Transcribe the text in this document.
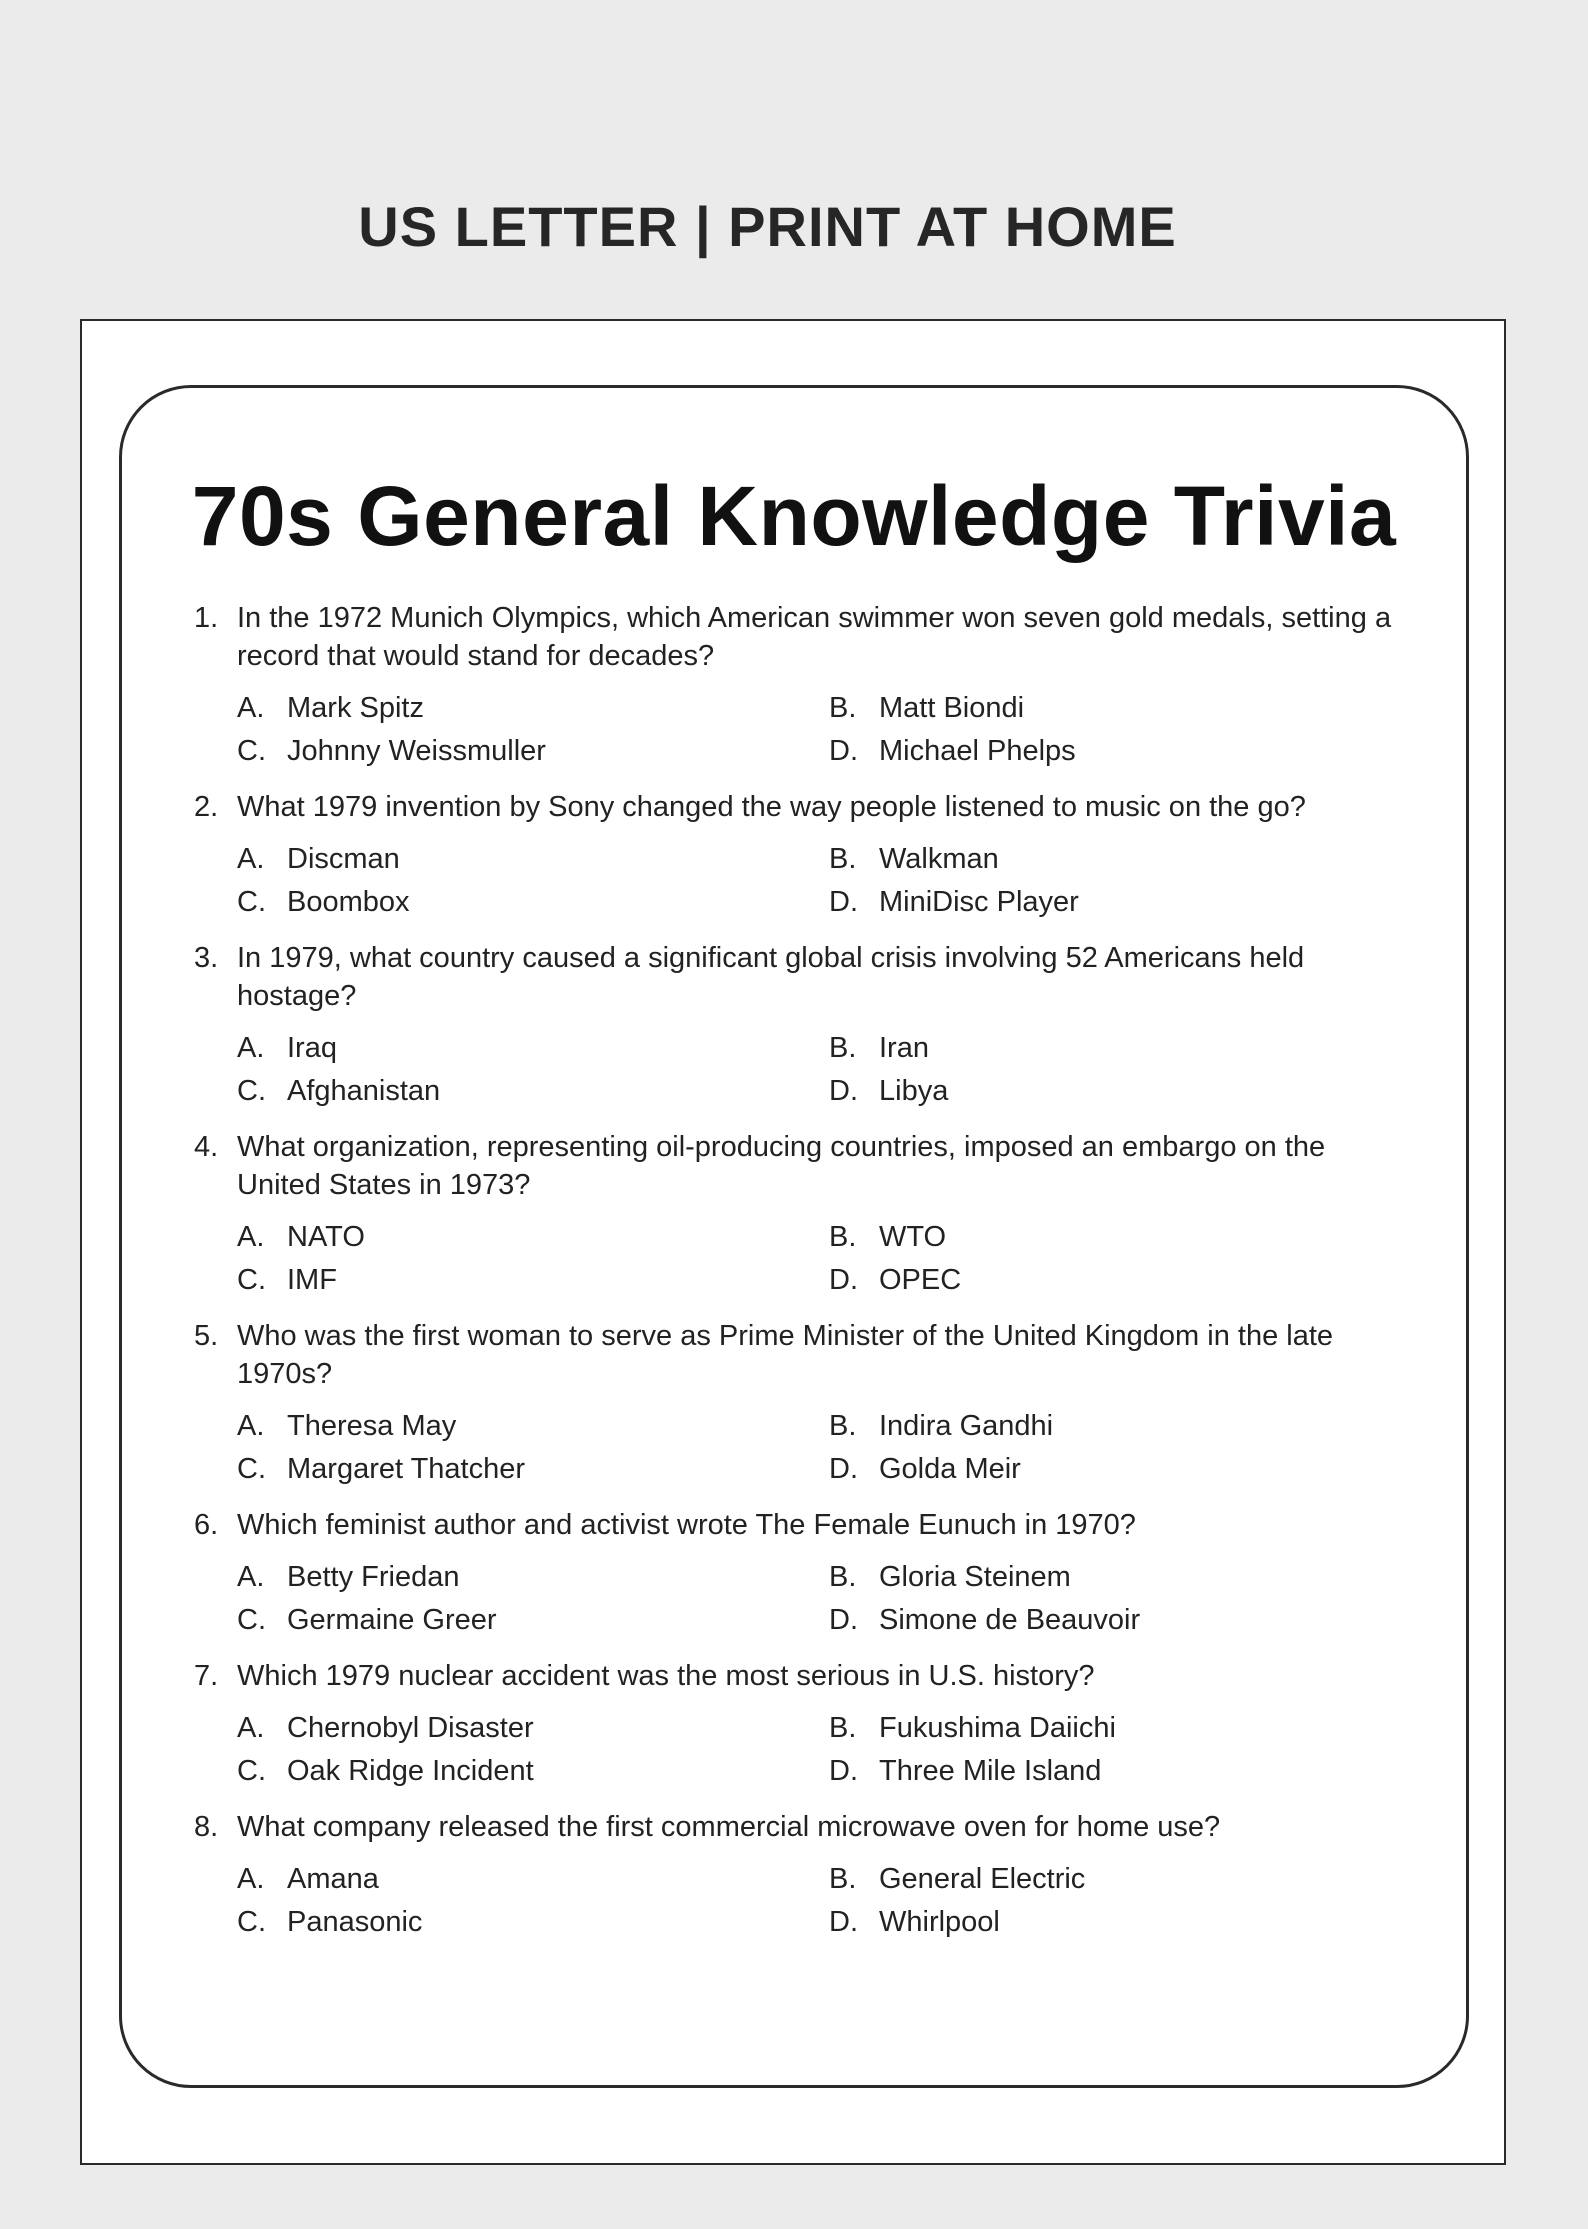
US LETTER | PRINT AT HOME
70s General Knowledge Trivia
1. In the 1972 Munich Olympics, which American swimmer won seven gold medals, setting a record that would stand for decades?
A. Mark Spitz	B. Matt Biondi
C. Johnny Weissmuller	D. Michael Phelps
2. What 1979 invention by Sony changed the way people listened to music on the go?
A. Discman	B. Walkman
C. Boombox	D. MiniDisc Player
3. In 1979, what country caused a significant global crisis involving 52 Americans held hostage?
A. Iraq	B. Iran
C. Afghanistan	D. Libya
4. What organization, representing oil-producing countries, imposed an embargo on the United States in 1973?
A. NATO	B. WTO
C. IMF	D. OPEC
5. Who was the first woman to serve as Prime Minister of the United Kingdom in the late 1970s?
A. Theresa May	B. Indira Gandhi
C. Margaret Thatcher	D. Golda Meir
6. Which feminist author and activist wrote The Female Eunuch in 1970?
A. Betty Friedan	B. Gloria Steinem
C. Germaine Greer	D. Simone de Beauvoir
7. Which 1979 nuclear accident was the most serious in U.S. history?
A. Chernobyl Disaster	B. Fukushima Daiichi
C. Oak Ridge Incident	D. Three Mile Island
8. What company released the first commercial microwave oven for home use?
A. Amana	B. General Electric
C. Panasonic	D. Whirlpool
